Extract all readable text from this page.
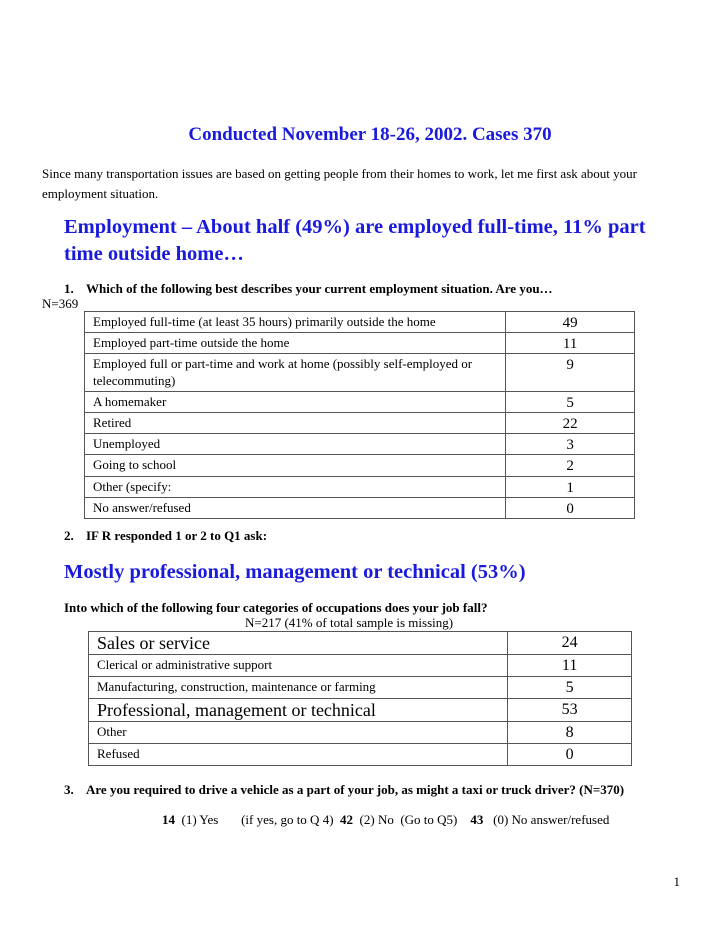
Conducted November 18-26, 2002. Cases 370
Since many transportation issues are based on getting people from their homes to work, let me first ask about your employment situation.
Employment – About half (49%) are employed full-time, 11% part time outside home…
1. Which of the following best describes your current employment situation. Are you…
N=369
Employed full-time (at least 35 hours) primarily outside the home	49
Employed part-time outside the home	11
Employed full or part-time and work at home (possibly self-employed or telecommuting)	9
A homemaker	5
Retired	22
Unemployed	3
Going to school	2
Other (specify:	1
No answer/refused	0
2. IF R responded 1 or 2 to Q1 ask:
Mostly professional, management or technical (53%)
Into which of the following four categories of occupations does your job fall?
N=217 (41% of total sample is missing)
Sales or service	24
Clerical or administrative support	11
Manufacturing, construction, maintenance or farming	5
Professional, management or technical	53
Other	8
Refused	0
3. Are you required to drive a vehicle as a part of your job, as might a taxi or truck driver? (N=370)
14 (1) Yes       (if yes, go to Q 4) 42 (2) No  (Go to Q5) 43 (0) No answer/refused
1
